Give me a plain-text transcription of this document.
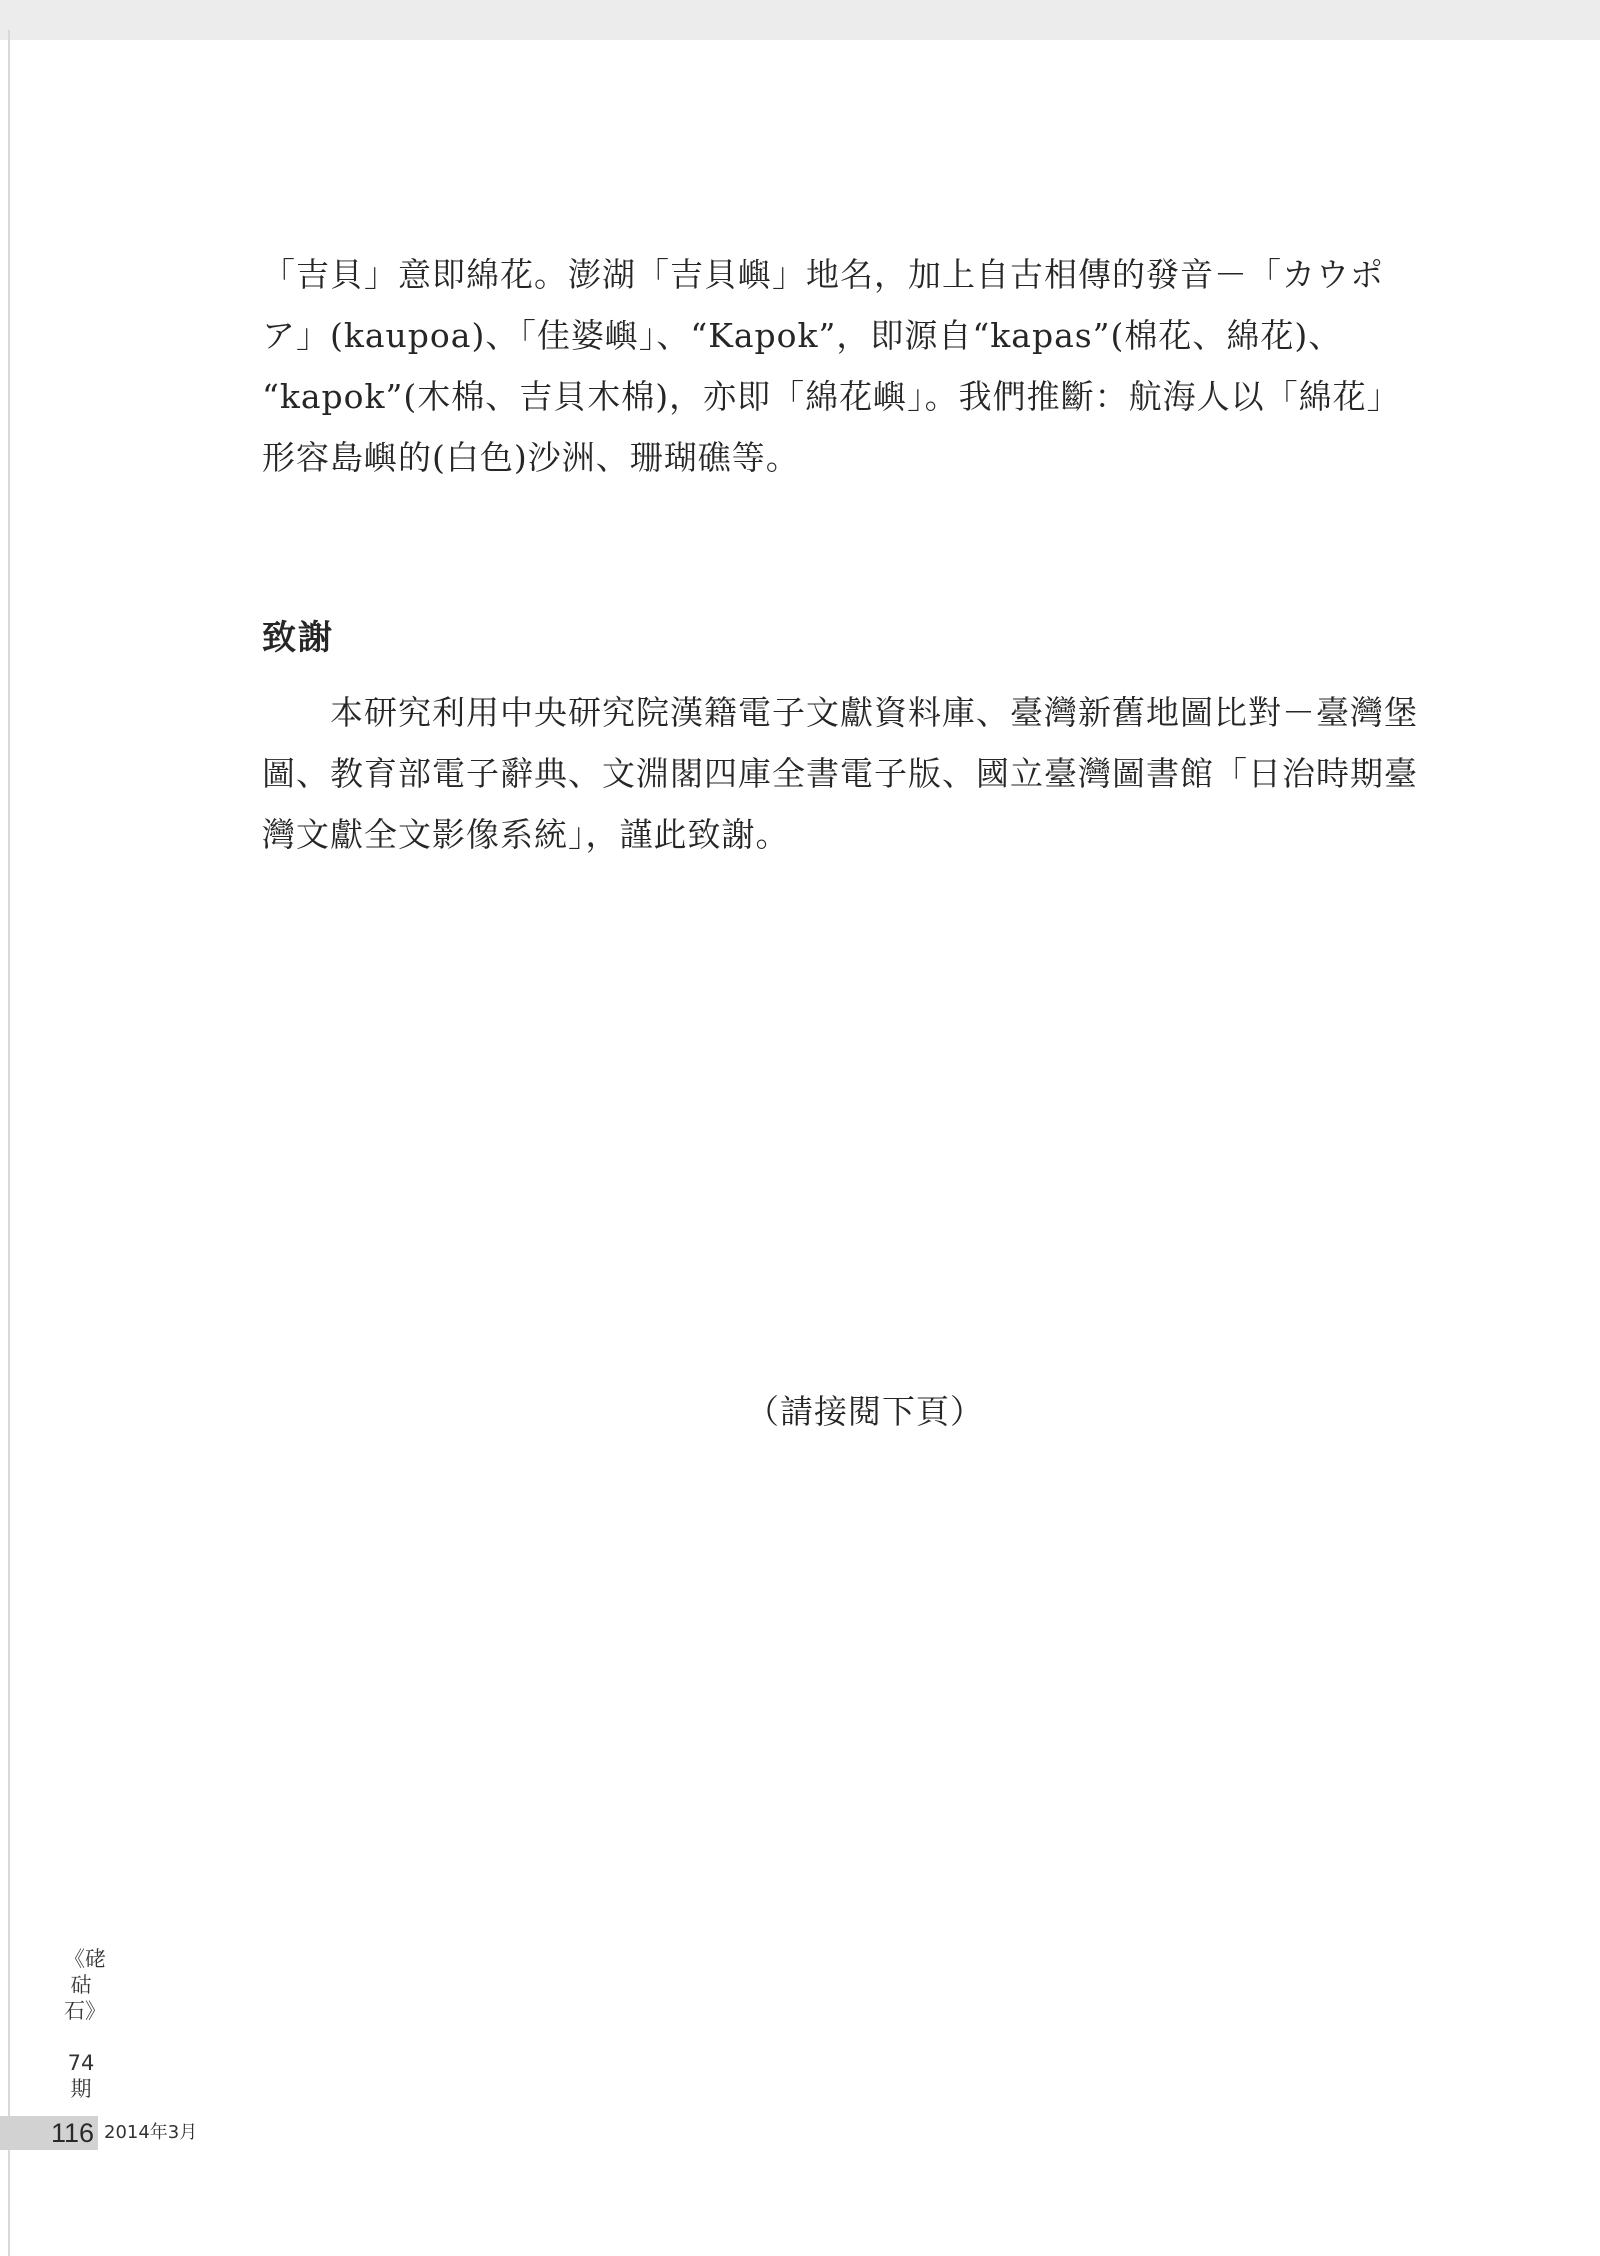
「吉貝」意即綿花。澎湖「吉貝嶼」地名，加上自古相傳的發音－「カウポ
ア」(kaupoa)、「佳婆嶼」、“Kapok”，即源自“kapas”(棉花、綿花)、
“kapok”(木棉、吉貝木棉)，亦即「綿花嶼」。我們推斷：航海人以「綿花」
形容島嶼的(白色)沙洲、珊瑚礁等。
致謝
本研究利用中央研究院漢籍電子文獻資料庫、臺灣新舊地圖比對－臺灣堡
圖、教育部電子辭典、文淵閣四庫全書電子版、國立臺灣圖書館「日治時期臺
灣文獻全文影像系統」，謹此致謝。

（請接閱下頁）

《硓𥑮石》
74期
116 2014年3月
